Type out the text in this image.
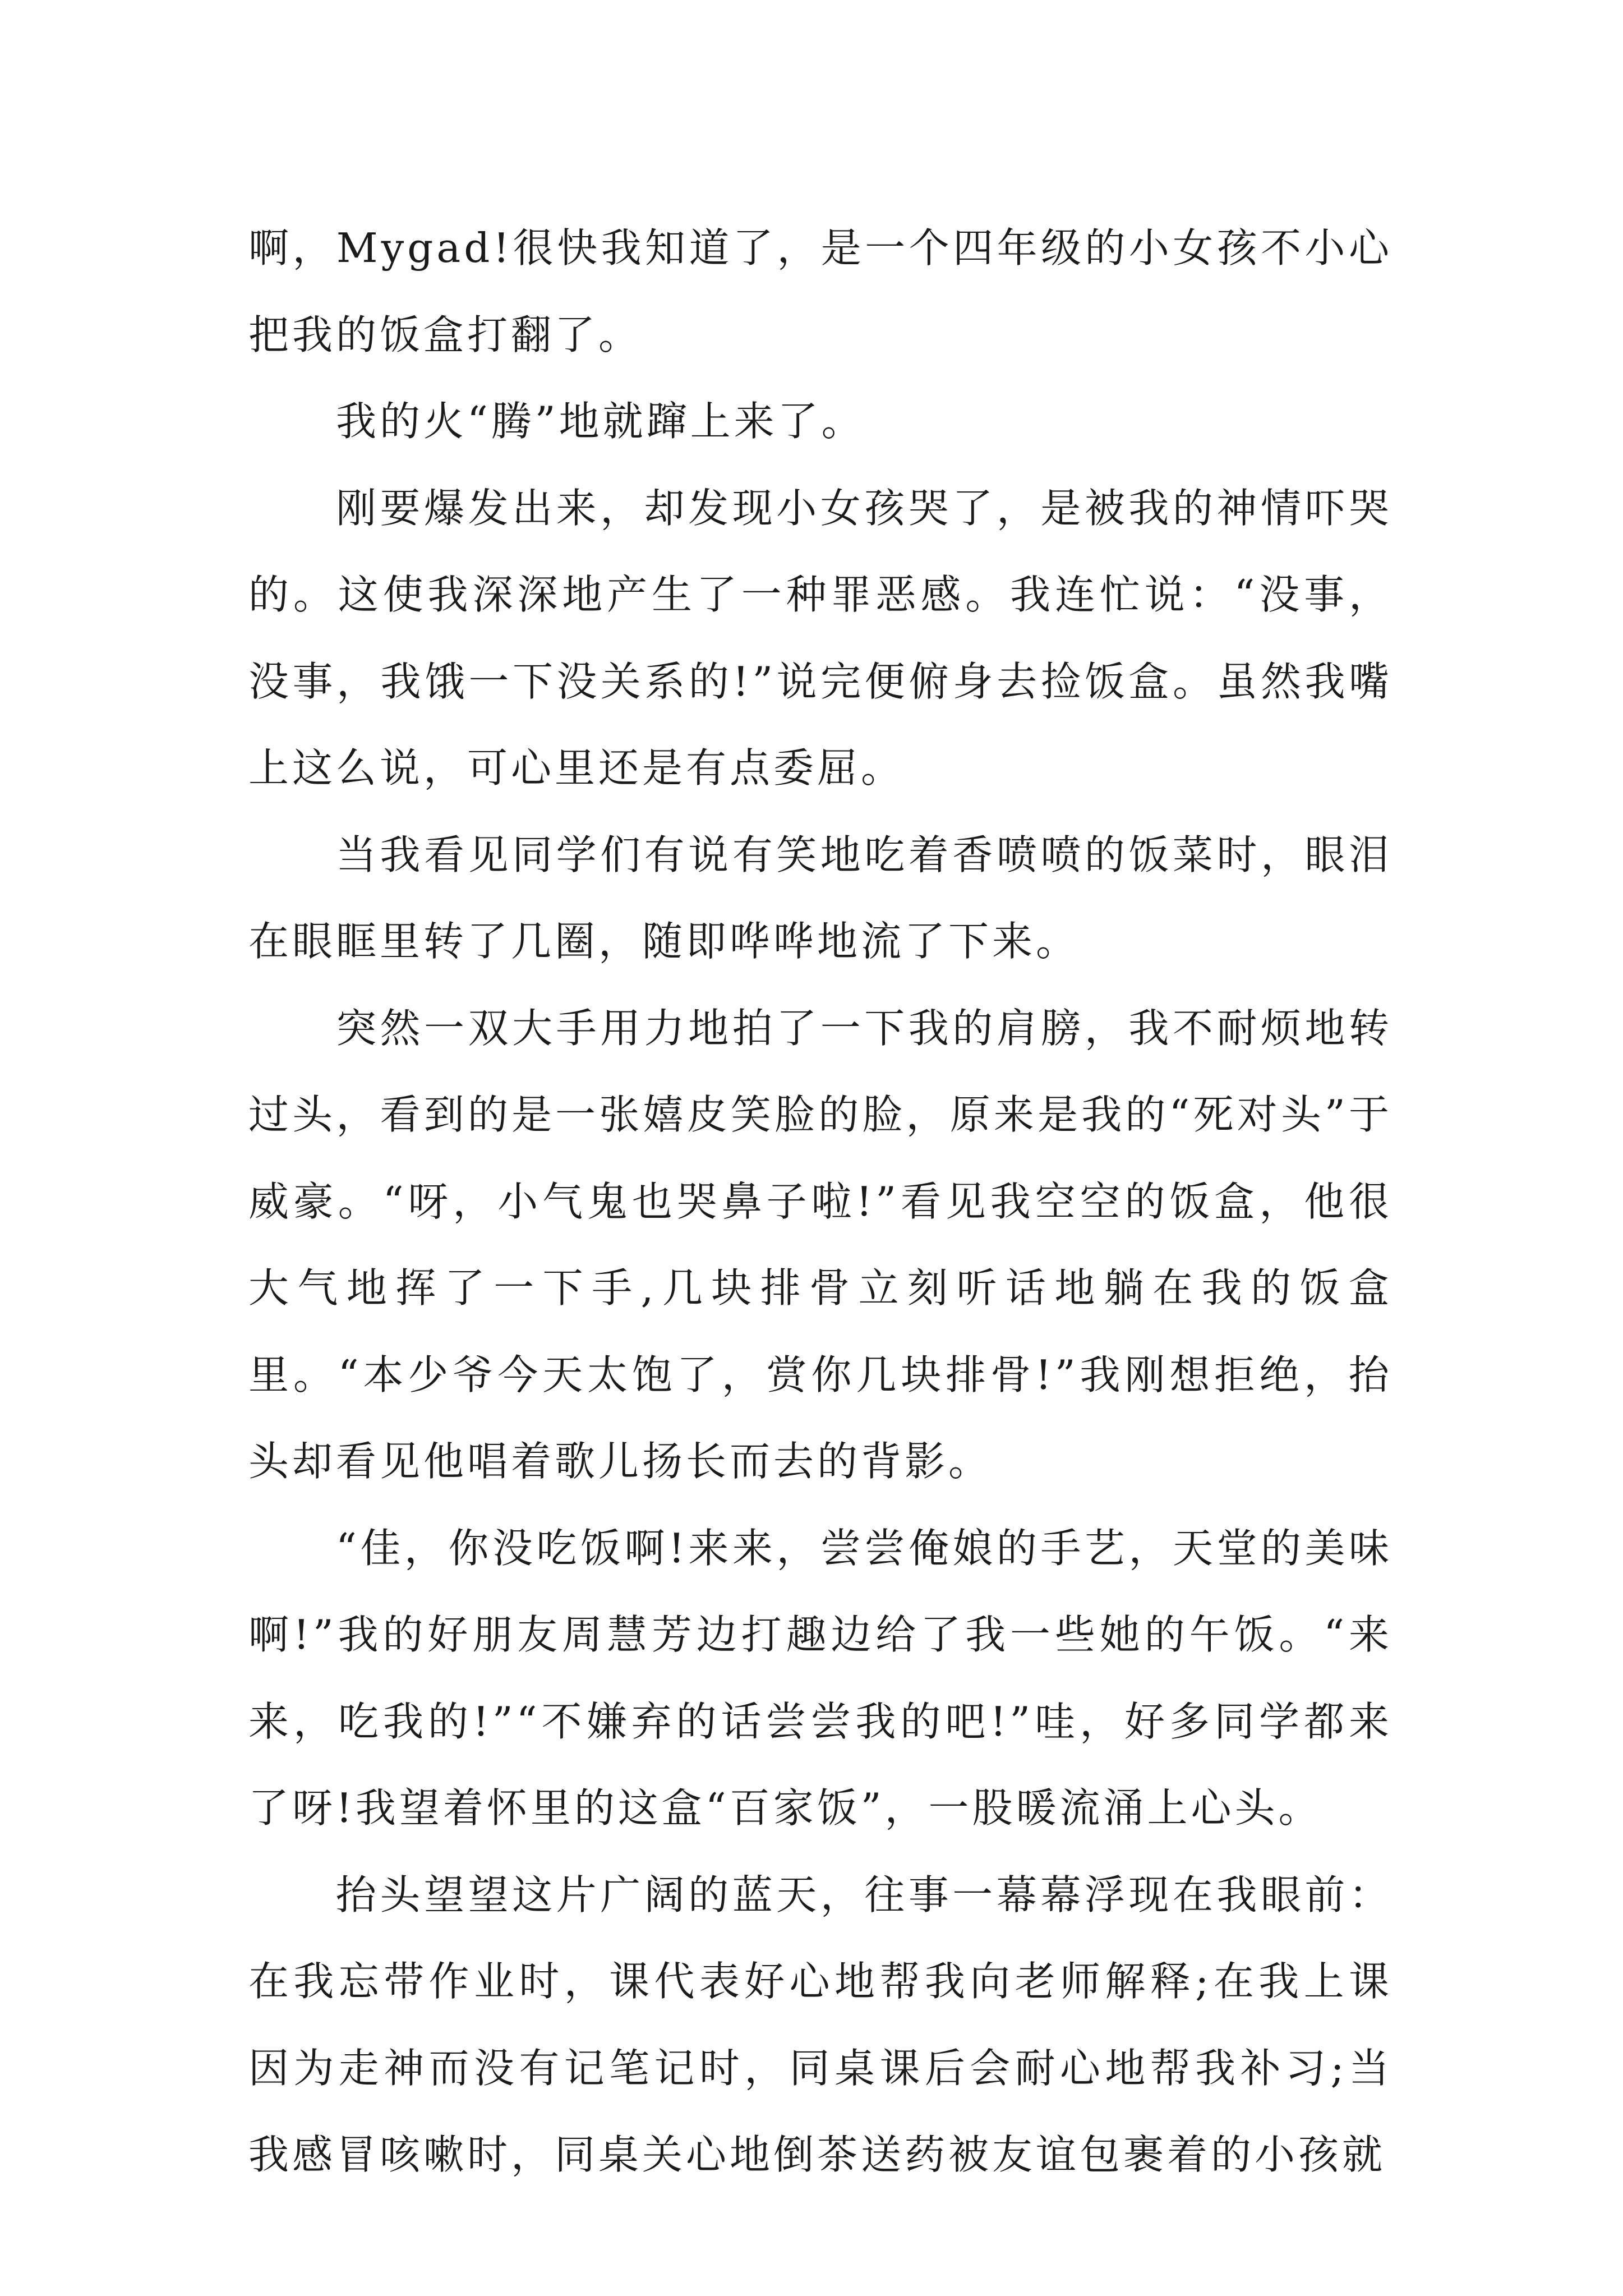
啊，Mygad!很快我知道了，是一个四年级的小女孩不小心把我的饭盒打翻了。

我的火“腾”地就蹿上来了。

刚要爆发出来，却发现小女孩哭了，是被我的神情吓哭的。这使我深深地产生了一种罪恶感。我连忙说：“没事，没事，我饿一下没关系的!”说完便俯身去捡饭盒。虽然我嘴上这么说，可心里还是有点委屈。

当我看见同学们有说有笑地吃着香喷喷的饭菜时，眼泪在眼眶里转了几圈，随即哗哗地流了下来。

突然一双大手用力地拍了一下我的肩膀，我不耐烦地转过头，看到的是一张嬉皮笑脸的脸，原来是我的“死对头”于威豪。“呀，小气鬼也哭鼻子啦!”看见我空空的饭盒，他很大气地挥了一下手,几块排骨立刻听话地躺在我的饭盒里。“本少爷今天太饱了，赏你几块排骨!”我刚想拒绝，抬头却看见他唱着歌儿扬长而去的背影。

“佳，你没吃饭啊!来来，尝尝俺娘的手艺，天堂的美味啊!”我的好朋友周慧芳边打趣边给了我一些她的午饭。“来来，吃我的!”“不嫌弃的话尝尝我的吧!”哇，好多同学都来了呀!我望着怀里的这盒“百家饭”，一股暖流涌上心头。

抬头望望这片广阔的蓝天，往事一幕幕浮现在我眼前：在我忘带作业时，课代表好心地帮我向老师解释;在我上课因为走神而没有记笔记时，同桌课后会耐心地帮我补习;当我感冒咳嗽时，同桌关心地倒茶送药被友谊包裹着的小孩就
